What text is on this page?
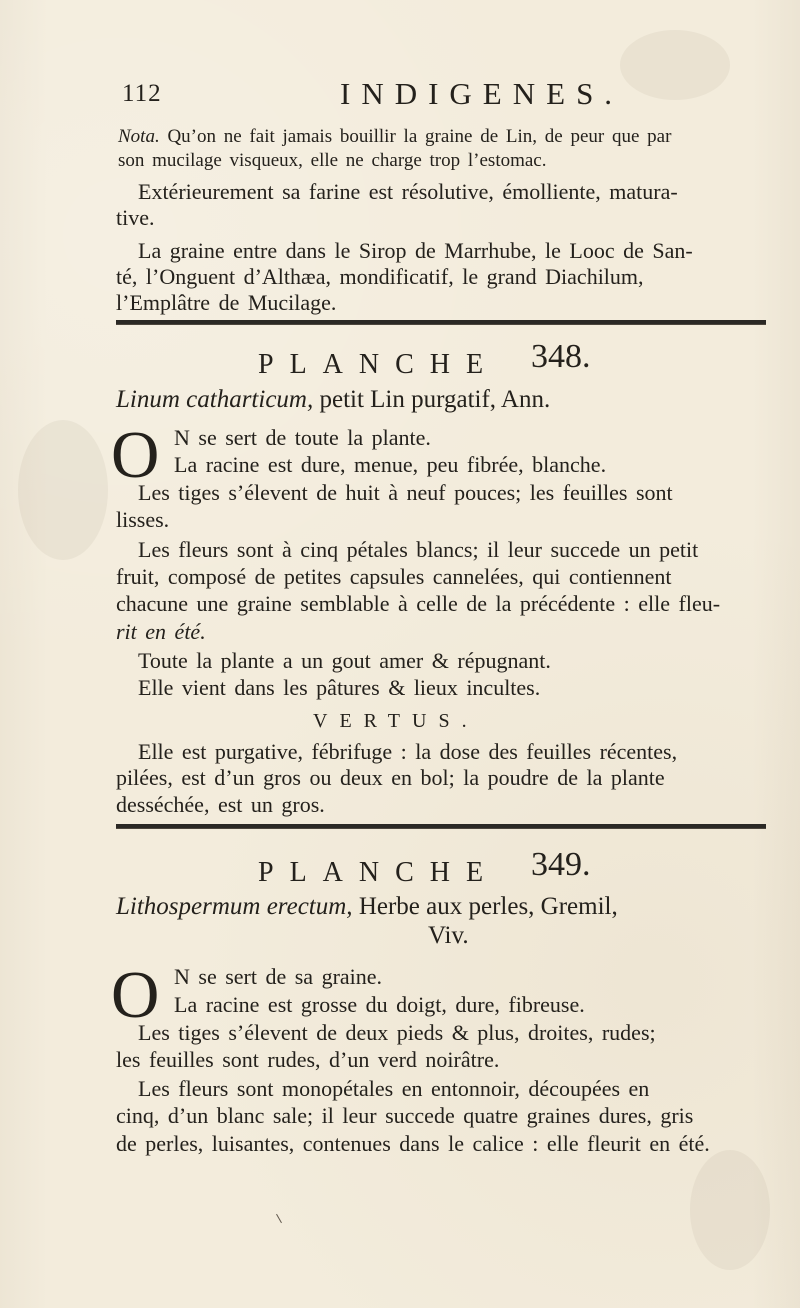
112	INDIGENES.
Nota. Qu’on ne fait jamais bouillir la graine de Lin, de peur que par
son mucilage visqueux, elle ne charge trop l’estomac.
Extérieurement sa farine est résolutive, émolliente, matura-
tive.
La graine entre dans le Sirop de Marrhube, le Looc de San-
té, l’Onguent d’Althæa, mondificatif, le grand Diachilum,
l’Emplâtre de Mucilage.
PLANCHE 348.
Linum catharticum, petit Lin purgatif, Ann.
O N se sert de toute la plante.
La racine est dure, menue, peu fibrée, blanche.
Les tiges s’élevent de huit à neuf pouces; les feuilles sont
lisses.
Les fleurs sont à cinq pétales blancs; il leur succede un petit
fruit, composé de petites capsules cannelées, qui contiennent
chacune une graine semblable à celle de la précédente : elle fleu-
rit en été.
Toute la plante a un gout amer & répugnant.
Elle vient dans les pâtures & lieux incultes.
VERTUS.
Elle est purgative, fébrifuge : la dose des feuilles récentes,
pilées, est d’un gros ou deux en bol; la poudre de la plante
desséchée, est un gros.
PLANCHE 349.
Lithospermum erectum, Herbe aux perles, Gremil,
Viv.
O N se sert de sa graine.
La racine est grosse du doigt, dure, fibreuse.
Les tiges s’élevent de deux pieds & plus, droites, rudes;
les feuilles sont rudes, d’un verd noirâtre.
Les fleurs sont monopétales en entonnoir, découpées en
cinq, d’un blanc sale; il leur succede quatre graines dures, gris
de perles, luisantes, contenues dans le calice : elle fleurit en été.
